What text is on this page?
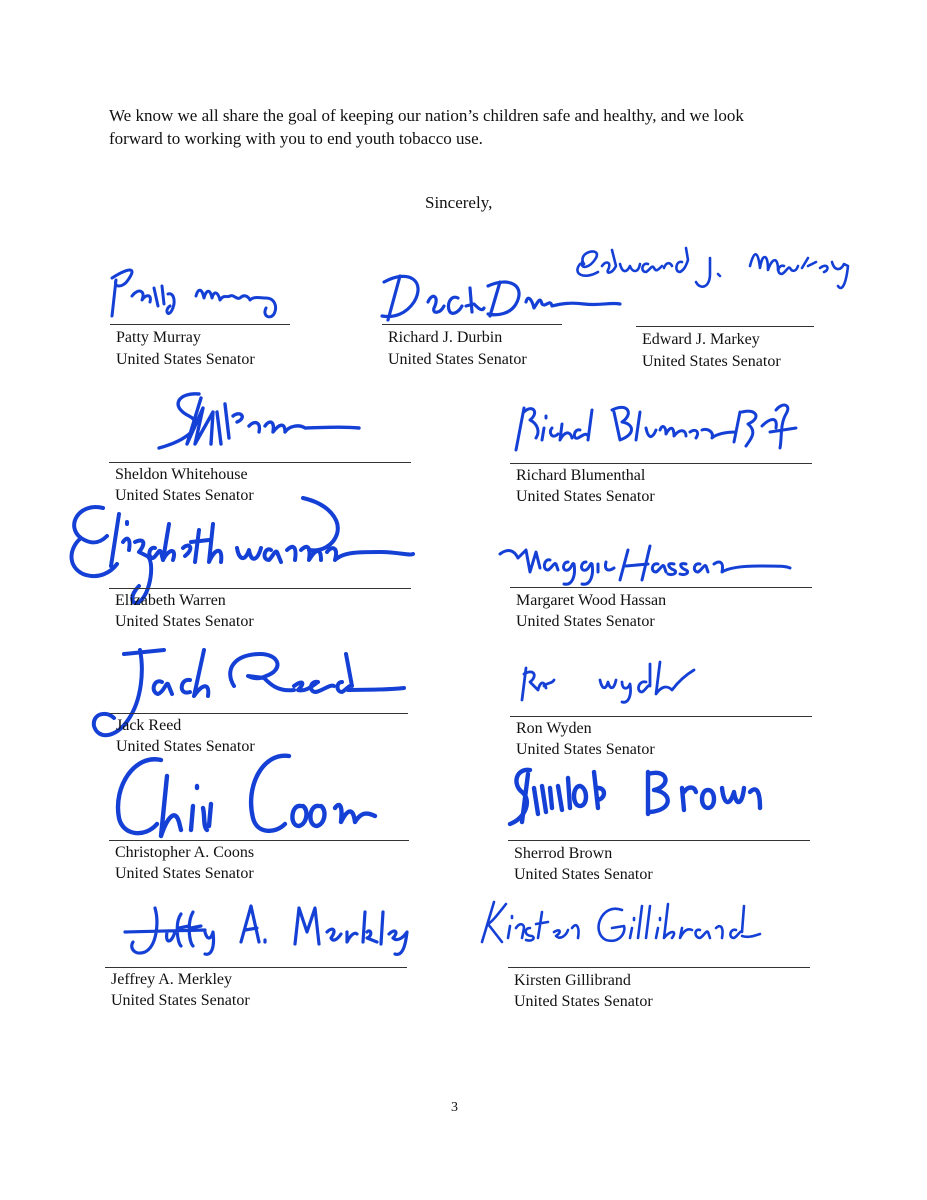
We know we all share the goal of keeping our nation’s children safe and healthy, and we look

forward to working with you to end youth tobacco use.

Sincerely,
Patty Murray
United States Senator
Richard J. Durbin
United States Senator
Edward J. Markey
United States Senator
Sheldon Whitehouse
United States Senator
Richard Blumenthal
United States Senator
Elizabeth Warren
United States Senator
Margaret Wood Hassan
United States Senator
Jack Reed
United States Senator
Ron Wyden
United States Senator
Christopher A. Coons
United States Senator
Sherrod Brown
United States Senator
Jeffrey A. Merkley
United States Senator
Kirsten Gillibrand
United States Senator
3
